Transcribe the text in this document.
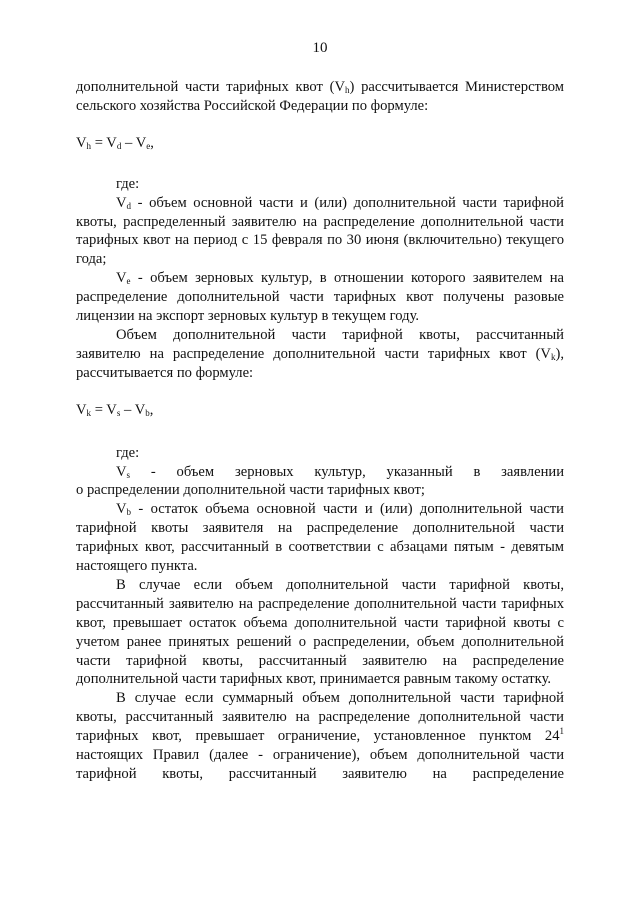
10

дополнительной части тарифных квот $(V_h)$ рассчитывается Министерством сельского хозяйства Российской Федерации по формуле:

$V_h = V_d - V_e$,

где:

$V_d$ - объем основной части и (или) дополнительной части тарифной квоты, распределенный заявителю на распределение дополнительной части тарифных квот на период с 15 февраля по 30 июня (включительно) текущего года;

$V_e$ - объем зерновых культур, в отношении которого заявителем на распределение дополнительной части тарифных квот получены разовые лицензии на экспорт зерновых культур в текущем году.

Объем дополнительной части тарифной квоты, рассчитанный заявителю на распределение дополнительной части тарифных квот $(V_k)$, рассчитывается по формуле:

$V_k = V_s - V_b$,

где:

$V_s$ - объем зерновых культур, указанный в заявлении

о распределении дополнительной части тарифных квот;

$V_b$ - остаток объема основной части и (или) дополнительной части тарифной квоты заявителя на распределение дополнительной части тарифных квот, рассчитанный в соответствии с абзацами пятым - девятым настоящего пункта.

В случае если объем дополнительной части тарифной квоты, рассчитанный заявителю на распределение дополнительной части тарифных квот, превышает остаток объема дополнительной части тарифной квоты с учетом ранее принятых решений о распределении, объем дополнительной части тарифной квоты, рассчитанный заявителю на распределение дополнительной части тарифных квот, принимается равным такому остатку.

В случае если суммарный объем дополнительной части тарифной квоты, рассчитанный заявителю на распределение дополнительной части тарифных квот, превышает ограничение, установленное пунктом $24^1$ настоящих Правил (далее - ограничение), объем дополнительной части тарифной квоты, рассчитанный заявителю на распределение
